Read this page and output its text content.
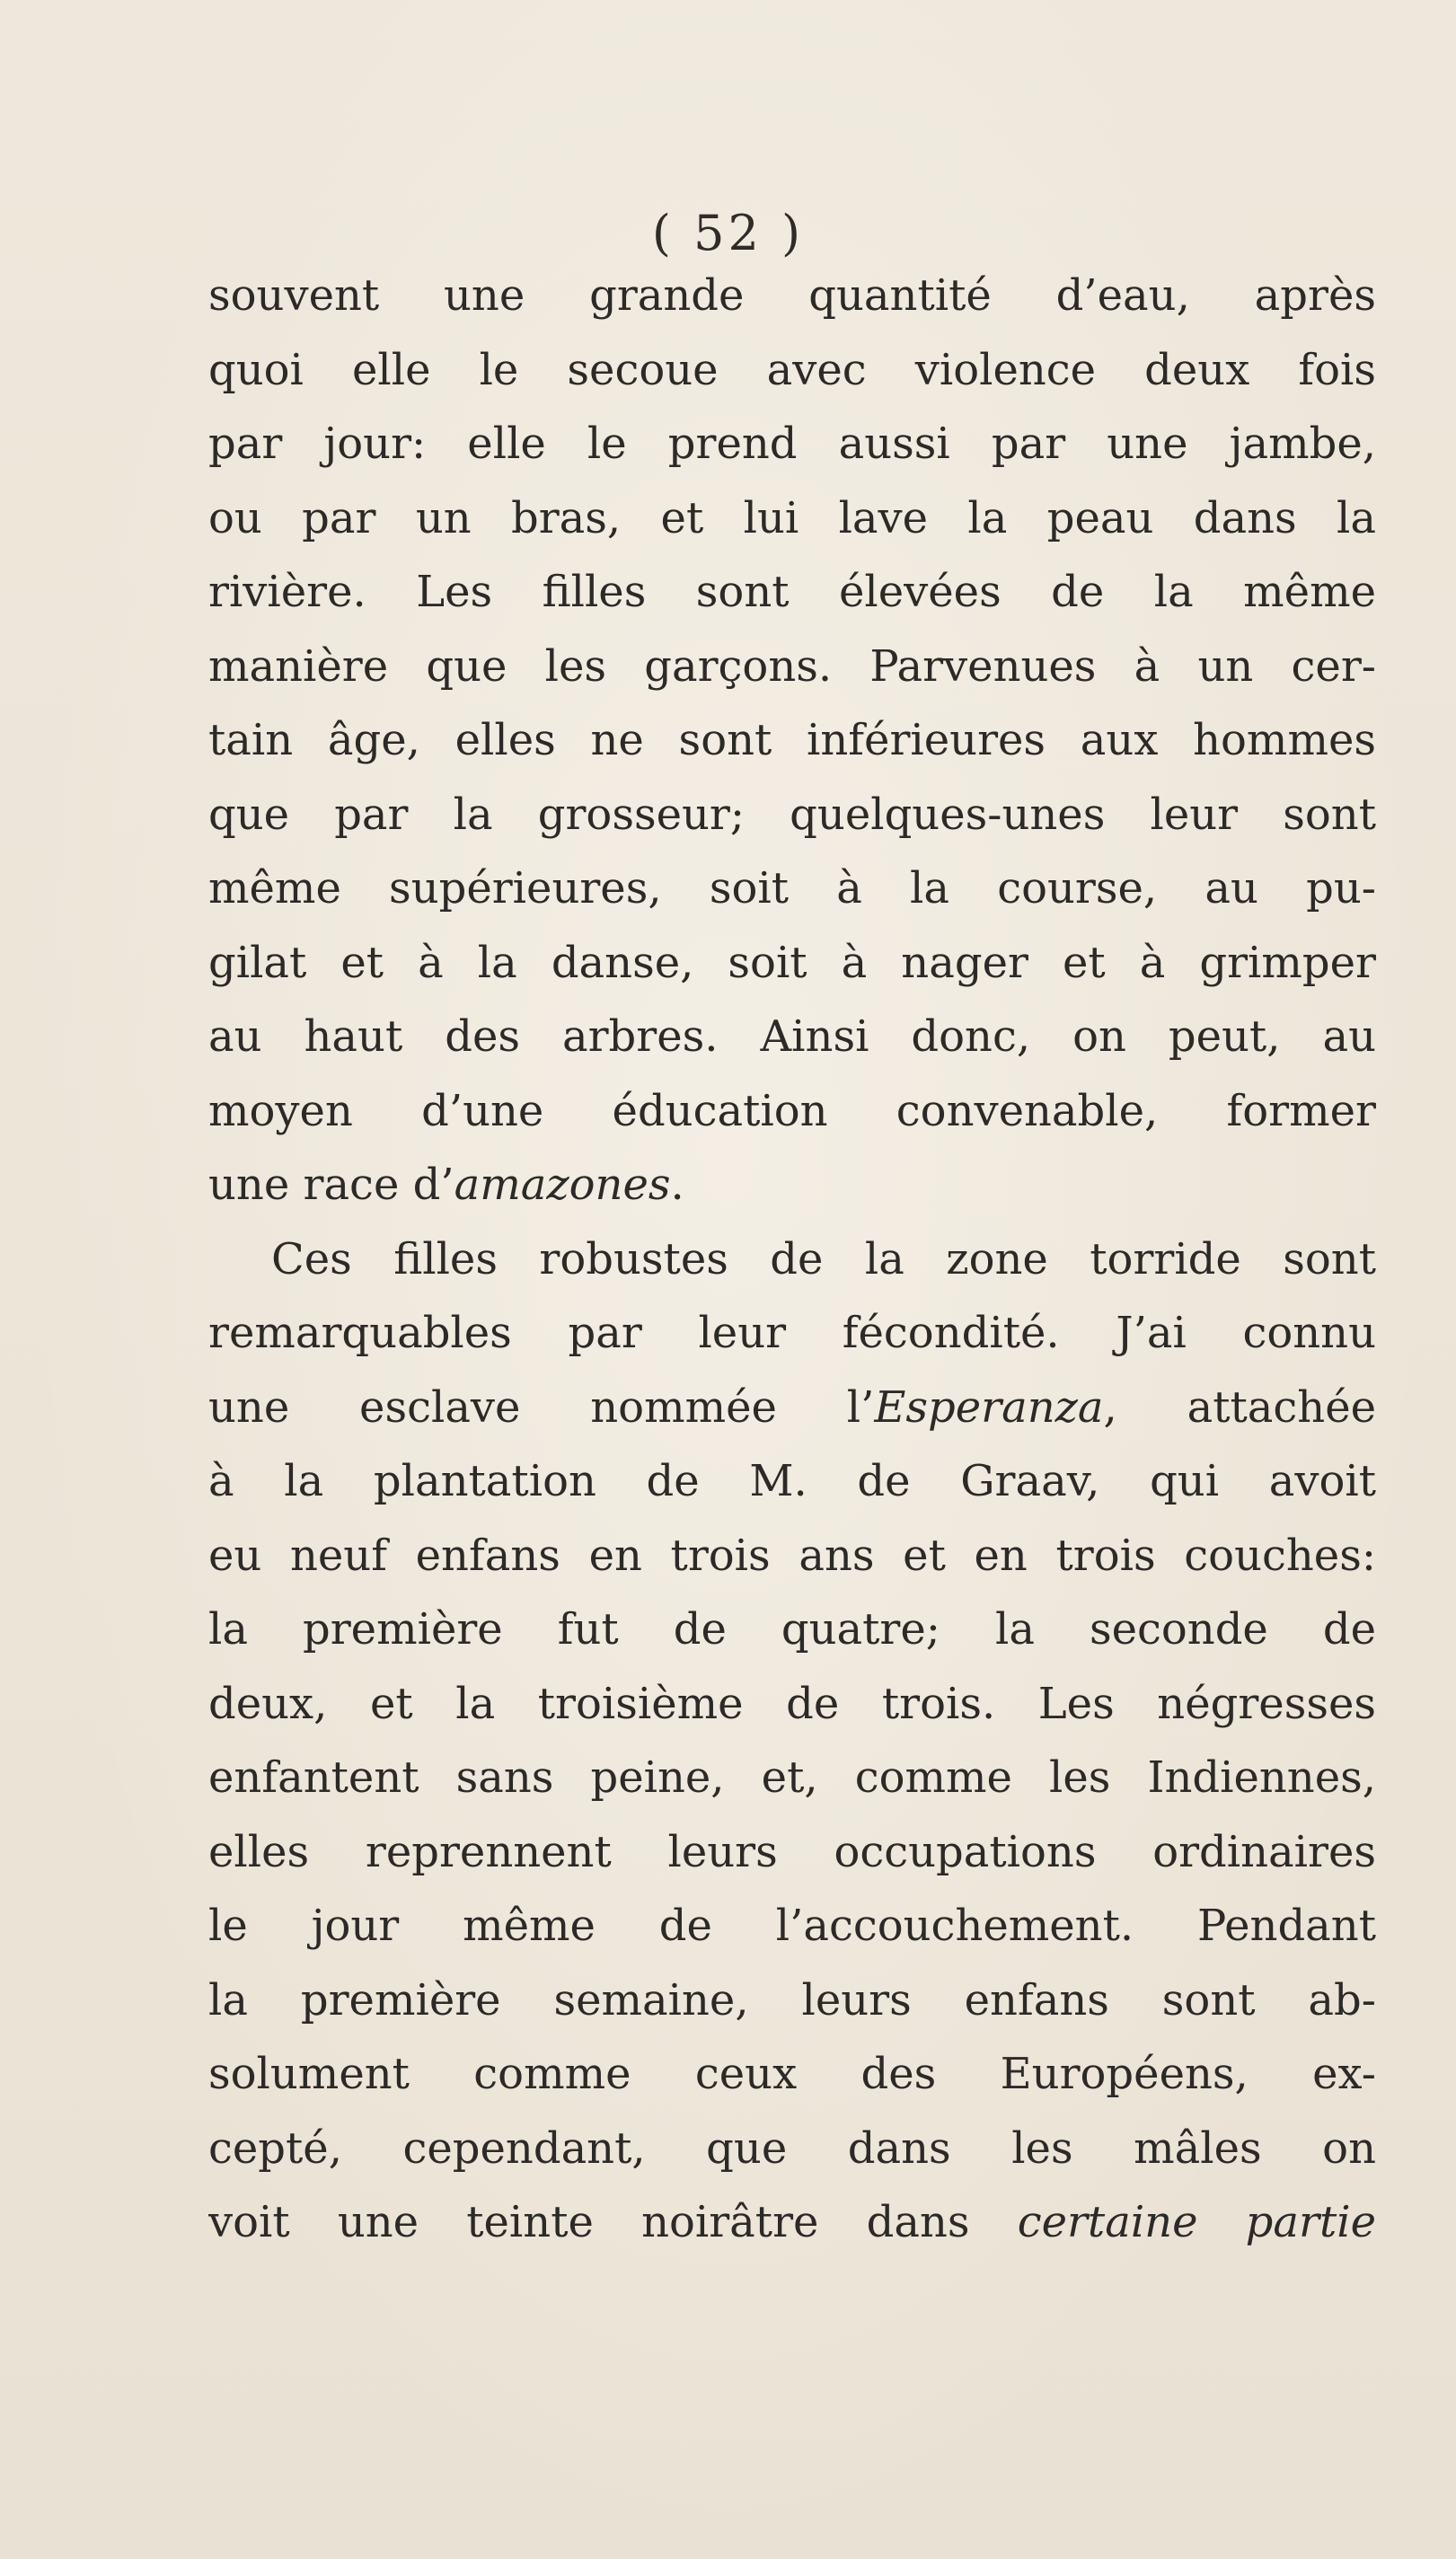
( 52 )
souvent une grande quantité d’eau, après
quoi elle le secoue avec violence deux fois
par jour: elle le prend aussi par une jambe,
ou par un bras, et lui lave la peau dans la
rivière. Les filles sont élevées de la même
manière que les garçons. Parvenues à un cer-
tain âge, elles ne sont inférieures aux hommes
que par la grosseur; quelques-unes leur sont
même supérieures, soit à la course, au pu-
gilat et à la danse, soit à nager et à grimper
au haut des arbres. Ainsi donc, on peut, au
moyen d’une éducation convenable, former
une race d’amazones.
Ces filles robustes de la zone torride sont
remarquables par leur fécondité. J’ai connu
une esclave nommée l’Esperanza, attachée
à la plantation de M. de Graav, qui avoit
eu neuf enfans en trois ans et en trois couches:
la première fut de quatre; la seconde de
deux, et la troisième de trois. Les négresses
enfantent sans peine, et, comme les Indiennes,
elles reprennent leurs occupations ordinaires
le jour même de l’accouchement. Pendant
la première semaine, leurs enfans sont ab-
solument comme ceux des Européens, ex-
cepté, cependant, que dans les mâles on
voit une teinte noirâtre dans certaine partie
